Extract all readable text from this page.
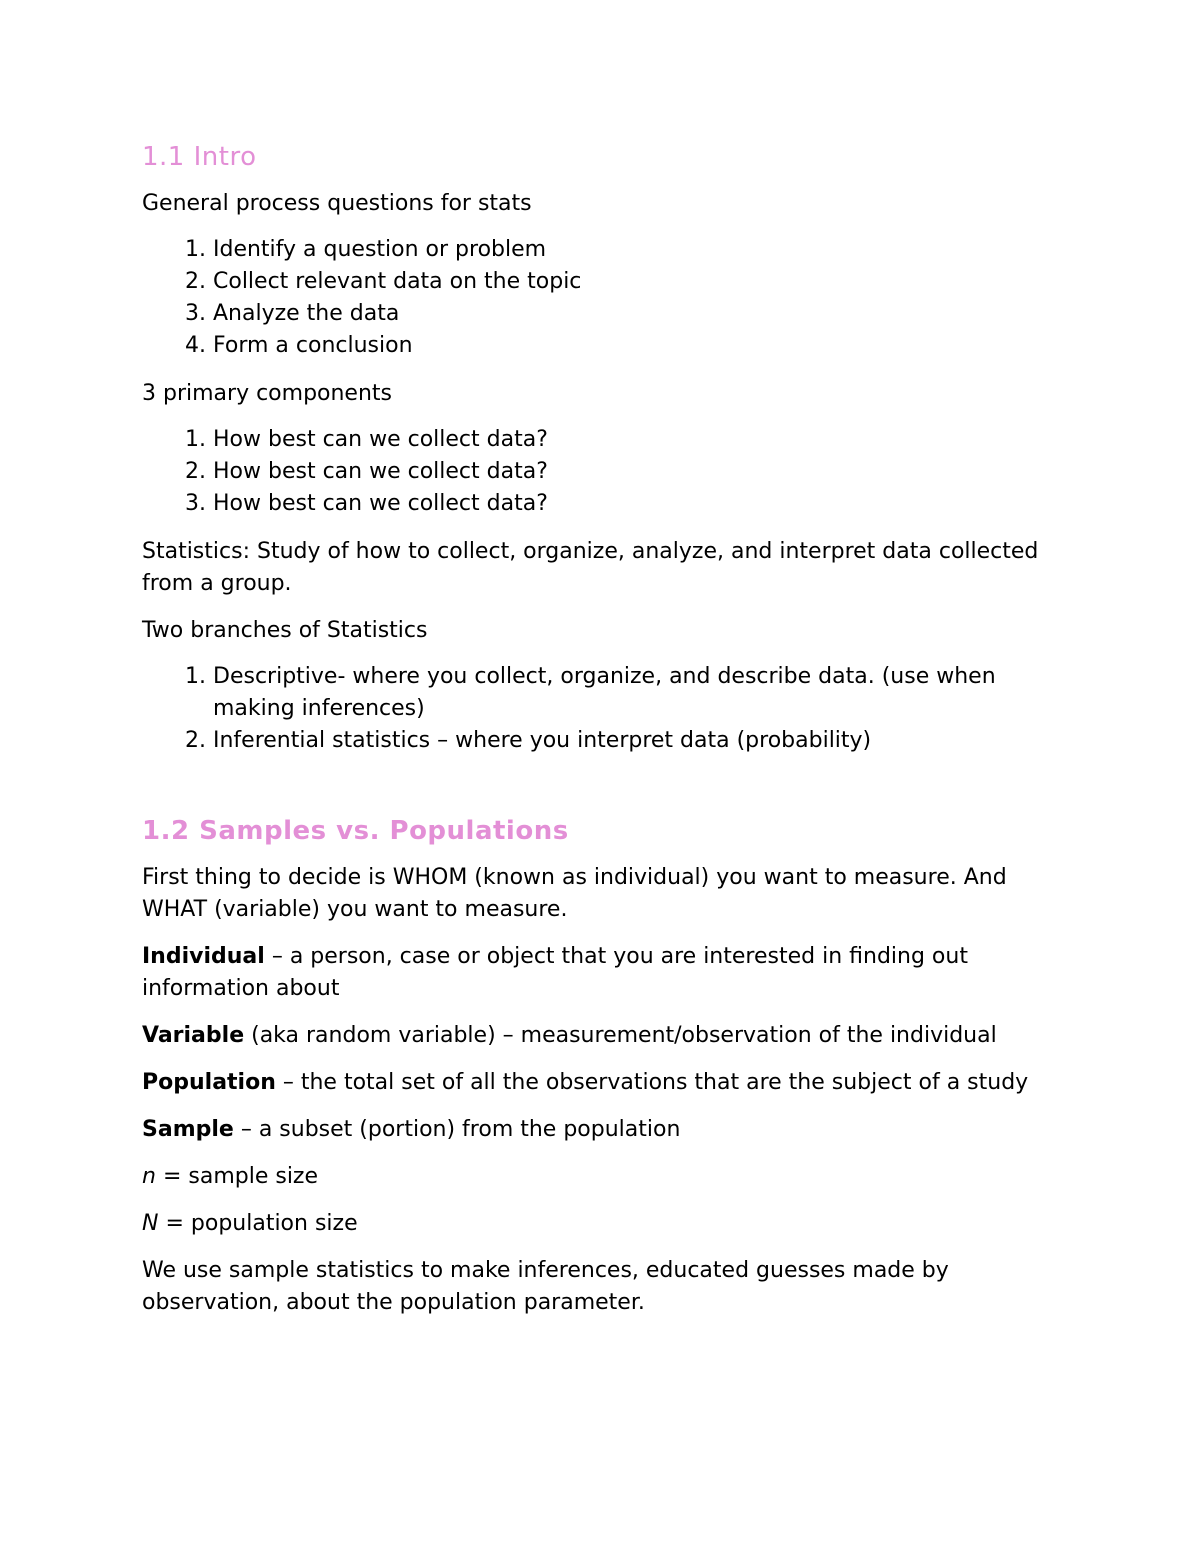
1.1 Intro

General process questions for stats

1. Identify a question or problem
2. Collect relevant data on the topic
3. Analyze the data
4. Form a conclusion

3 primary components

1. How best can we collect data?
2. How best can we collect data?
3. How best can we collect data?

Statistics: Study of how to collect, organize, analyze, and interpret data collected from a group.

Two branches of Statistics

1. Descriptive- where you collect, organize, and describe data. (use when making inferences)
2. Inferential statistics – where you interpret data (probability)
1.2 Samples vs. Populations

First thing to decide is WHOM (known as individual) you want to measure. And WHAT (variable) you want to measure.

Individual – a person, case or object that you are interested in finding out information about

Variable (aka random variable) – measurement/observation of the individual

Population – the total set of all the observations that are the subject of a study

Sample – a subset (portion) from the population

n = sample size

N = population size

We use sample statistics to make inferences, educated guesses made by observation, about the population parameter.
